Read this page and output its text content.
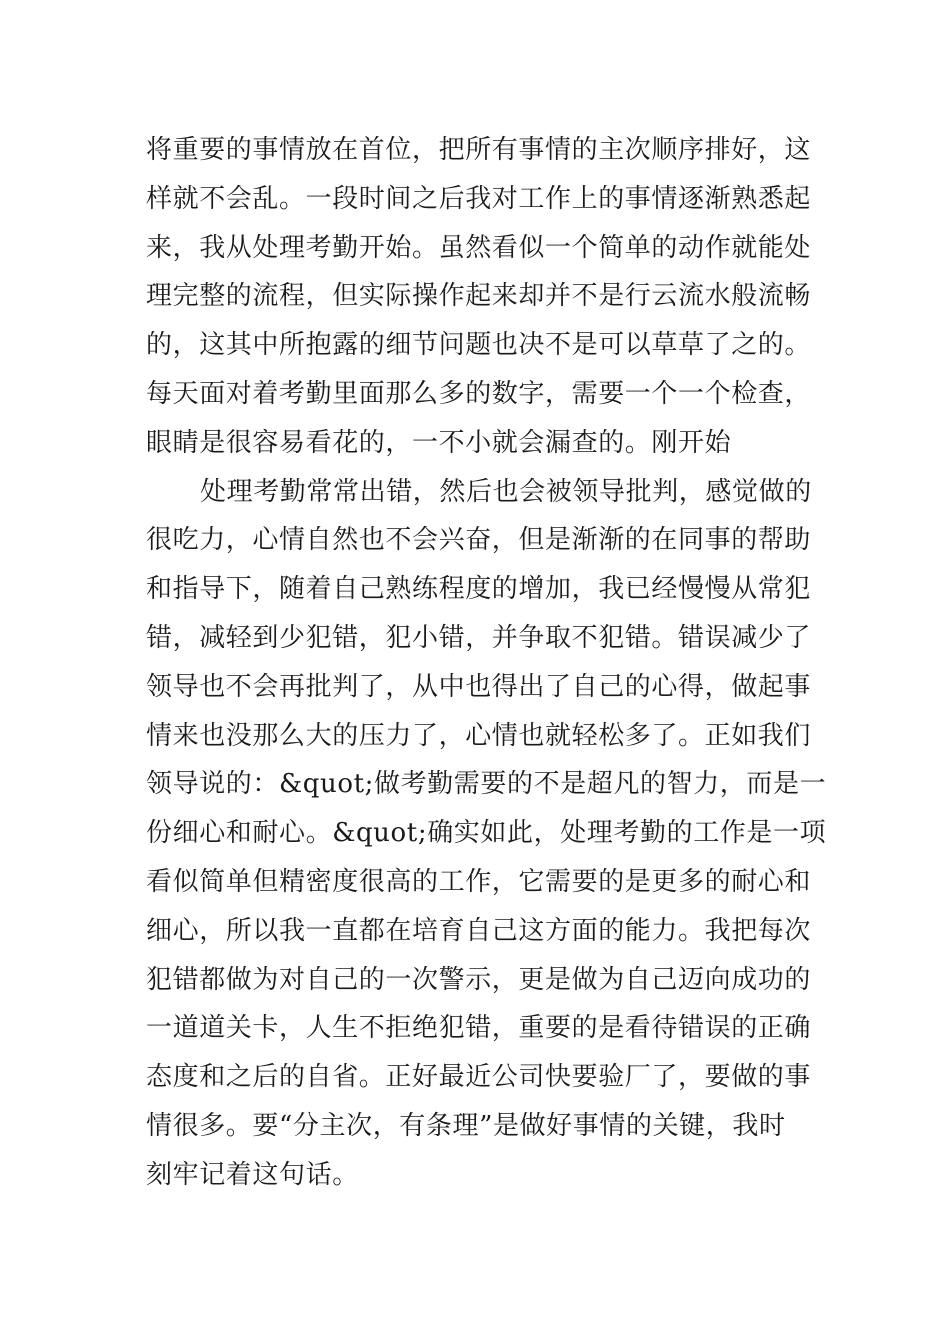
将重要的事情放在首位，把所有事情的主次顺序排好，这
样就不会乱。一段时间之后我对工作上的事情逐渐熟悉起
来，我从处理考勤开始。虽然看似一个简单的动作就能处
理完整的流程，但实际操作起来却并不是行云流水般流畅
的，这其中所抱露的细节问题也决不是可以草草了之的。
每天面对着考勤里面那么多的数字，需要一个一个检查，
眼睛是很容易看花的，一不小就会漏查的。刚开始
处理考勤常常出错，然后也会被领导批判，感觉做的
很吃力，心情自然也不会兴奋，但是渐渐的在同事的帮助
和指导下，随着自己熟练程度的增加，我已经慢慢从常犯
错，减轻到少犯错，犯小错，并争取不犯错。错误减少了
领导也不会再批判了，从中也得出了自己的心得，做起事
情来也没那么大的压力了，心情也就轻松多了。正如我们
领导说的：&quot;做考勤需要的不是超凡的智力，而是一
份细心和耐心。&quot;确实如此，处理考勤的工作是一项
看似简单但精密度很高的工作，它需要的是更多的耐心和
细心，所以我一直都在培育自己这方面的能力。我把每次
犯错都做为对自己的一次警示，更是做为自己迈向成功的
一道道关卡，人生不拒绝犯错，重要的是看待错误的正确
态度和之后的自省。正好最近公司快要验厂了，要做的事
情很多。要“分主次，有条理”是做好事情的关键，我时
刻牢记着这句话。
